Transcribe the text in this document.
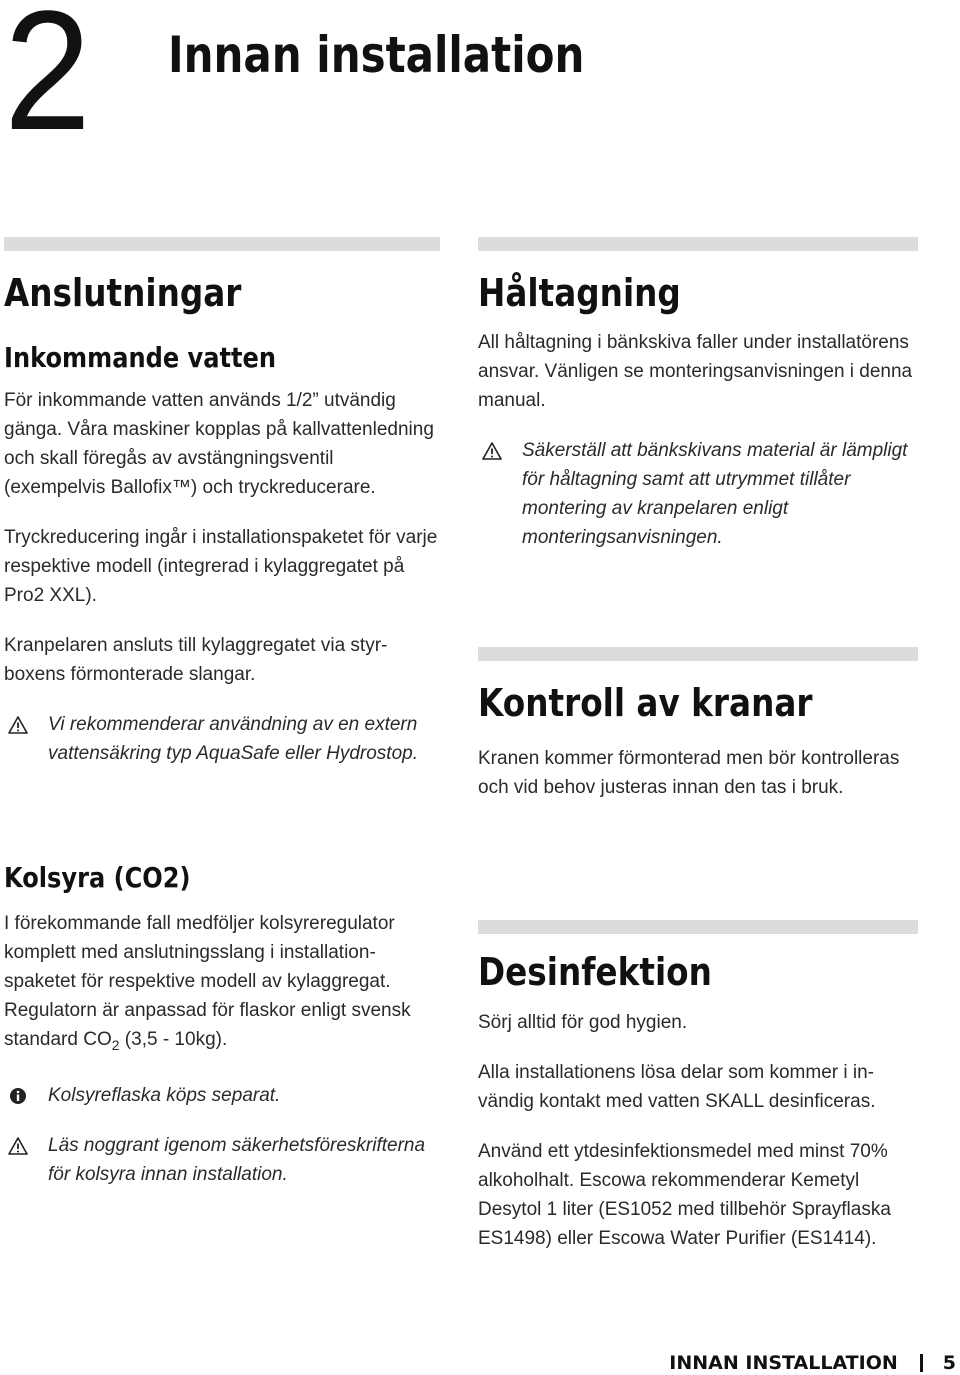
2 Innan installation
Anslutningar
Inkommande vatten

För inkommande vatten används 1/2” utvändig gänga. Våra maskiner kopplas på kallvattenledning och skall föregås av avstängningsventil (exempelvis Ballofix™) och tryckreducerare.

Tryckreducering ingår i installationspaketet för varje respektive modell (integrerad i kylaggregatet på Pro2 XXL).

Kranpelaren ansluts till kylaggregatet via styrboxens förmonterade slangar.

Vi rekommenderar användning av en extern vattensäkring typ AquaSafe eller Hydrostop.

Kolsyra (CO2)

I förekommande fall medföljer kolsyreregulator komplett med anslutningsslang i installationspaketet för respektive modell av kylaggregat. Regulatorn är anpassad för flaskor enligt svensk standard $CO_2$ (3,5 - 10kg).

Kolsyreflaska köps separat.

Läs noggrant igenom säkerhetsföreskrifterna för kolsyra innan installation.

Håltagning

All håltagning i bänkskiva faller under installatörens ansvar. Vänligen se monteringsanvisningen i denna manual.

Säkerställ att bänkskivans material är lämpligt för håltagning samt att utrymmet tillåter montering av kranpelaren enligt monteringsanvisningen.

Kontroll av kranar

Kranen kommer förmonterad men bör kontrolleras och vid behov justeras innan den tas i bruk.

Desinfektion

Sörj alltid för god hygien.

Alla installationens lösa delar som kommer i invändig kontakt med vatten SKALL desinficeras.

Använd ett ytdesinfektionsmedel med minst 70% alkoholhalt. Escowa rekommenderar Kemetyl Desytol 1 liter (ES1052 med tillbehör Sprayflaska ES1498) eller Escowa Water Purifier (ES1414).

INNAN INSTALLATION 5
